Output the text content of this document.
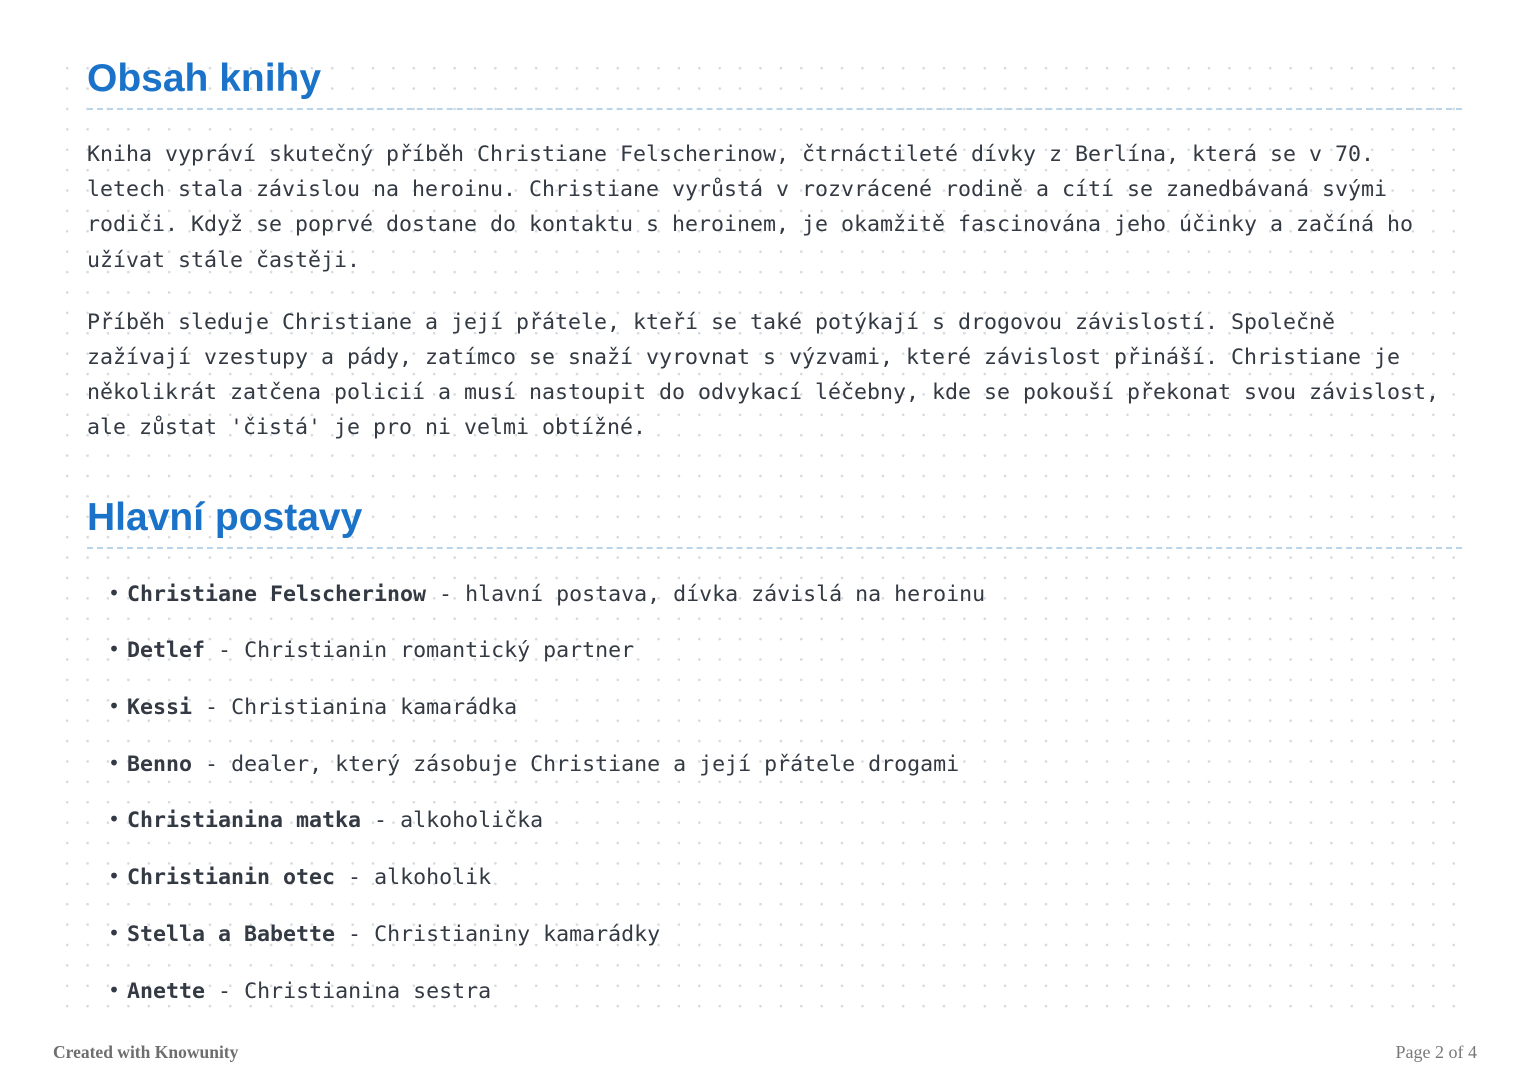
Obsah knihy

Kniha vypráví skutečný příběh Christiane Felscherinow, čtrnáctileté dívky z Berlína, která se v 70. letech stala závislou na heroinu. Christiane vyrůstá v rozvrácené rodině a cítí se zanedbávaná svými rodiči. Když se poprvé dostane do kontaktu s heroinem, je okamžitě fascinována jeho účinky a začíná ho užívat stále častěji.

Příběh sleduje Christiane a její přátele, kteří se také potýkají s drogovou závislostí. Společně zažívají vzestupy a pády, zatímco se snaží vyrovnat s výzvami, které závislost přináší. Christiane je několikrát zatčena policií a musí nastoupit do odvykací léčebny, kde se pokouší překonat svou závislost, ale zůstat 'čistá' je pro ni velmi obtížné.

Hlavní postavy
• Christiane Felscherinow - hlavní postava, dívka závislá na heroinu
• Detlef - Christianin romantický partner
• Kessi - Christianina kamarádka
• Benno - dealer, který zásobuje Christiane a její přátele drogami
• Christianina matka - alkoholička
• Christianin otec - alkoholik
• Stella a Babette - Christianiny kamarádky
• Anette - Christianina sestra
Created with Knowunity	Page 2 of 4
